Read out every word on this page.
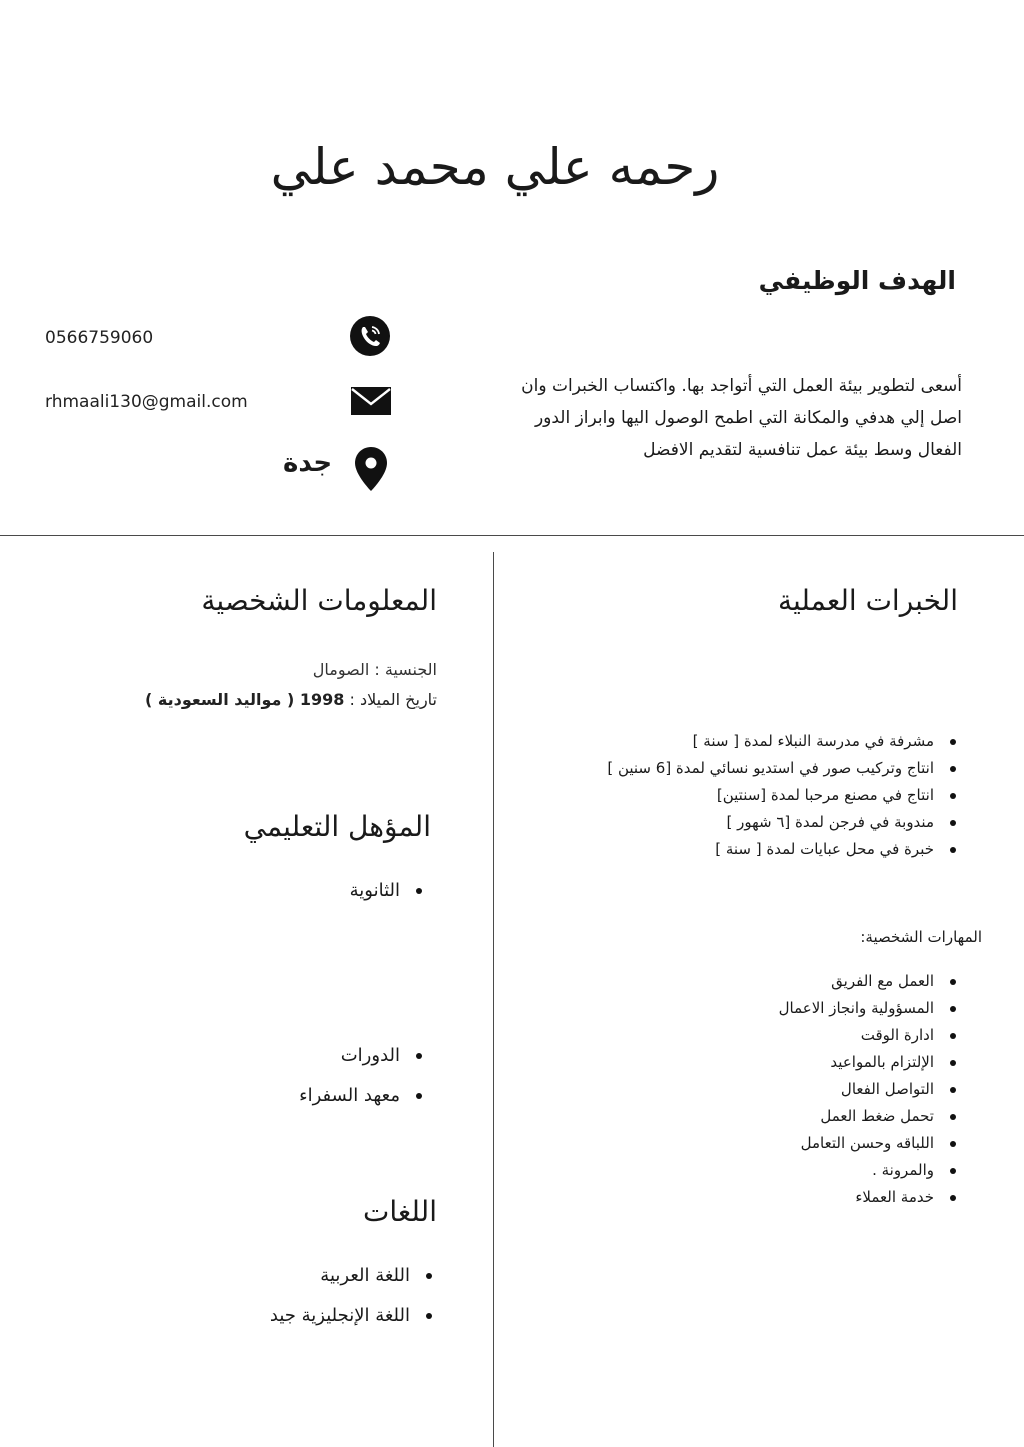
رحمه علي محمد علي
الهدف الوظيفي
أسعى لتطوير بيئة العمل التي أتواجد بها. واكتساب الخبرات وان
اصل إلي هدفي والمكانة التي اطمح الوصول اليها وابراز الدور
الفعال وسط بيئة عمل تنافسية لتقديم الافضل
0566759060
rhmaali130@gmail.com
جدة
الخبرات العملية
مشرفة في مدرسة النبلاء لمدة [ سنة ]
انتاج وتركيب صور في استديو نسائي لمدة [6 سنين ]
انتاج في مصنع مرحبا لمدة [سنتين]
مندوبة في فرجن لمدة [٦ شهور ]
خبرة في محل عبايات لمدة [ سنة ]
المهارات الشخصية:
العمل مع الفريق
المسؤولية وانجاز الاعمال
ادارة الوقت
الإلتزام بالمواعيد
التواصل الفعال
تحمل ضغط العمل
اللباقه وحسن التعامل
والمرونة .
خدمة العملاء
المعلومات الشخصية
الجنسية : الصومال
تاريخ الميلاد : 1998 ( مواليد السعودية )
المؤهل التعليمي
الثانوية
الدورات
معهد السفراء
اللغات
اللغة العربية
اللغة الإنجليزية جيد
